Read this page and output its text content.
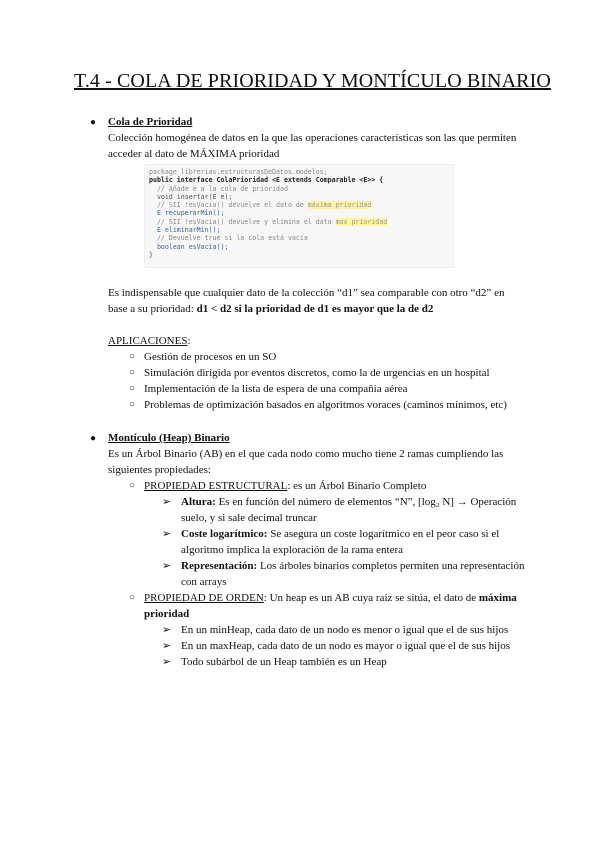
T.4 - COLA DE PRIORIDAD Y MONTÍCULO BINARIO
● Cola de Prioridad
Colección homogénea de datos en la que las operaciones características son las que permiten
acceder al dato de MÁXIMA prioridad
package librerias.estructurasDeDatos.modelos;
public interface ColaPrioridad <E extends Comparable <E>> {
// Añade e a la cola de prioridad
void insertar(E e);
// SII !esVacia() devuelve el dato de máxima prioridad
E recuperarMin();
// SII !esVacia() devuelve y elimina el dato max prioridad
E eliminarMin();
// Devuelve true si la cola está vacía
boolean esVacia();
}
Es indispensable que cualquier dato de la colección “d1” sea comparable con otro “d2” en
base a su prioridad: d1 < d2 si la prioridad de d1 es mayor que la de d2
APLICACIONES:
○ Gestión de procesos en un SO
○ Simulación dirigida por eventos discretos, como la de urgencias en un hospital
○ Implementación de la lista de espera de una compañía aérea
○ Problemas de optimización basados en algoritmos voraces (caminos mínimos, etc)
● Montículo (Heap) Binario
Es un Árbol Binario (AB) en el que cada nodo como mucho tiene 2 ramas cumpliendo las
siguientes propiedades:
○ PROPIEDAD ESTRUCTURAL: es un Árbol Binario Completo
➢ Altura: Es en función del número de elementos “N”, [log₂ N] → Operación
suelo, y si sale decimal truncar
➢ Coste logarítmico: Se asegura un coste logarítmico en el peor caso si el
algoritmo implica la exploración de la rama entera
➢ Representación: Los árboles binarios completos permiten una representación
con arrays
○ PROPIEDAD DE ORDEN: Un heap es un AB cuya raíz se sitúa, el dato de máxima
prioridad
➢ En un minHeap, cada dato de un nodo es menor o igual que el de sus hijos
➢ En un maxHeap, cada dato de un nodo es mayor o igual que el de sus hijos
➢ Todo subárbol de un Heap también es un Heap
